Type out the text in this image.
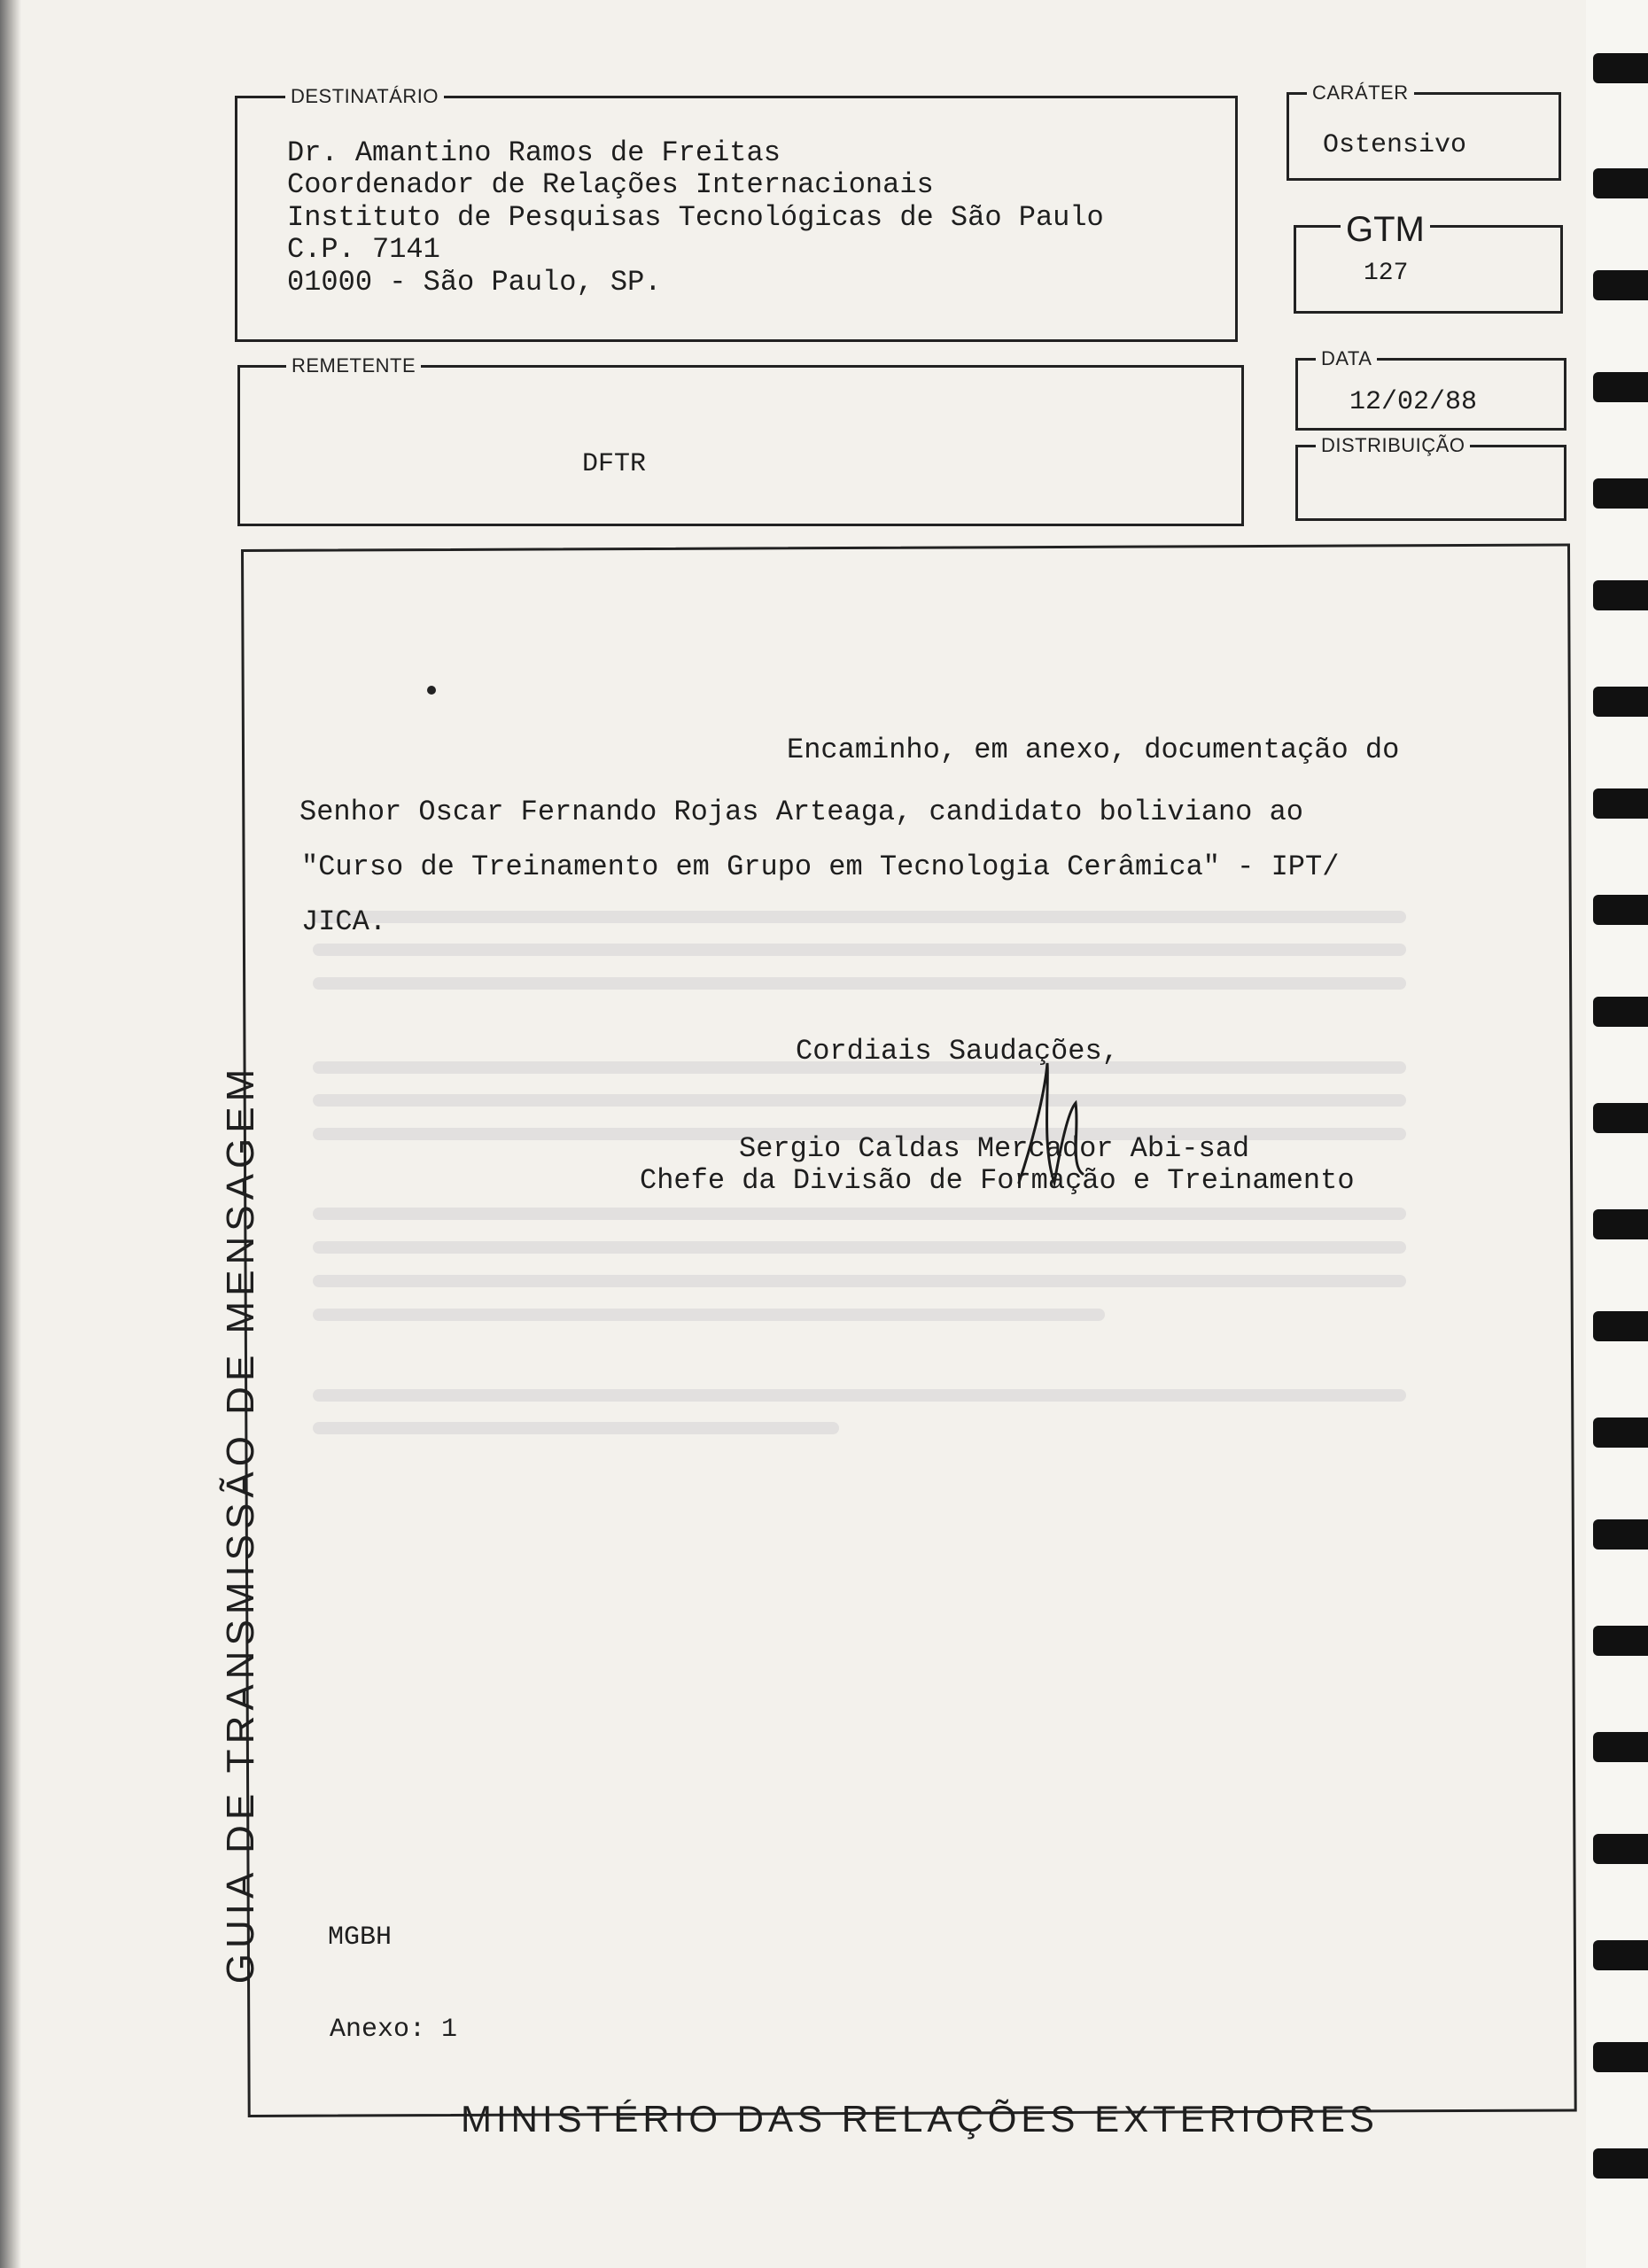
DESTINATÁRIO
Dr. Amantino Ramos de Freitas
Coordenador de Relações Internacionais
Instituto de Pesquisas Tecnológicas de São Paulo
C.P. 7141
01000 - São Paulo, SP.
REMETENTE
DFTR
CARÁTER
Ostensivo
GTM
127
DATA
12/02/88
DISTRIBUIÇÃO
GUIA DE TRANSMISSÃO DE MENSAGEM
Encaminho, em anexo, documentação do
Senhor Oscar Fernando Rojas Arteaga, candidato boliviano ao
"Curso de Treinamento em Grupo em Tecnologia Cerâmica" - IPT/
JICA.
Cordiais Saudações,
Sergio Caldas Mercador Abi-sad
Chefe da Divisão de Formação e Treinamento
MGBH
Anexo: 1
MINISTÉRIO DAS RELAÇÕES EXTERIORES
